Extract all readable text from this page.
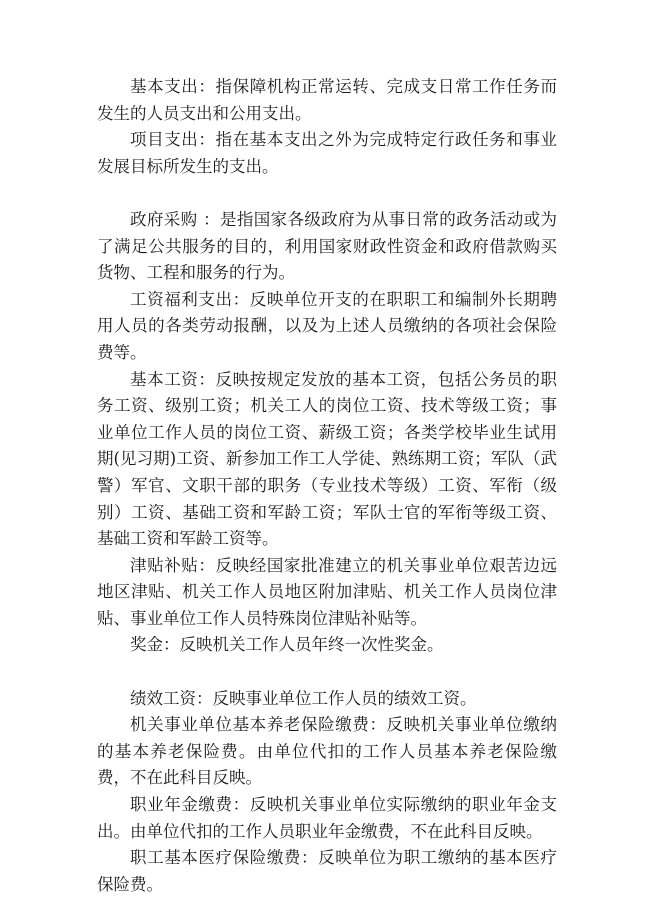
基本支出：指保障机构正常运转、完成支日常工作任务而发生的人员支出和公用支出。

项目支出：指在基本支出之外为完成特定行政任务和事业发展目标所发生的支出。

政府采购 ：是指国家各级政府为从事日常的政务活动或为了满足公共服务的目的，利用国家财政性资金和政府借款购买货物、工程和服务的行为。

工资福利支出：反映单位开支的在职职工和编制外长期聘用人员的各类劳动报酬，以及为上述人员缴纳的各项社会保险费等。

基本工资：反映按规定发放的基本工资，包括公务员的职务工资、级别工资；机关工人的岗位工资、技术等级工资；事业单位工作人员的岗位工资、薪级工资；各类学校毕业生试用期(见习期)工资、新参加工作工人学徒、熟练期工资；军队（武警）军官、文职干部的职务（专业技术等级）工资、军衔（级别）工资、基础工资和军龄工资；军队士官的军衔等级工资、基础工资和军龄工资等。

津贴补贴：反映经国家批准建立的机关事业单位艰苦边远地区津贴、机关工作人员地区附加津贴、机关工作人员岗位津贴、事业单位工作人员特殊岗位津贴补贴等。

奖金：反映机关工作人员年终一次性奖金。

绩效工资：反映事业单位工作人员的绩效工资。

机关事业单位基本养老保险缴费：反映机关事业单位缴纳的基本养老保险费。由单位代扣的工作人员基本养老保险缴费，不在此科目反映。

职业年金缴费：反映机关事业单位实际缴纳的职业年金支出。由单位代扣的工作人员职业年金缴费，不在此科目反映。

职工基本医疗保险缴费：反映单位为职工缴纳的基本医疗保险费。
